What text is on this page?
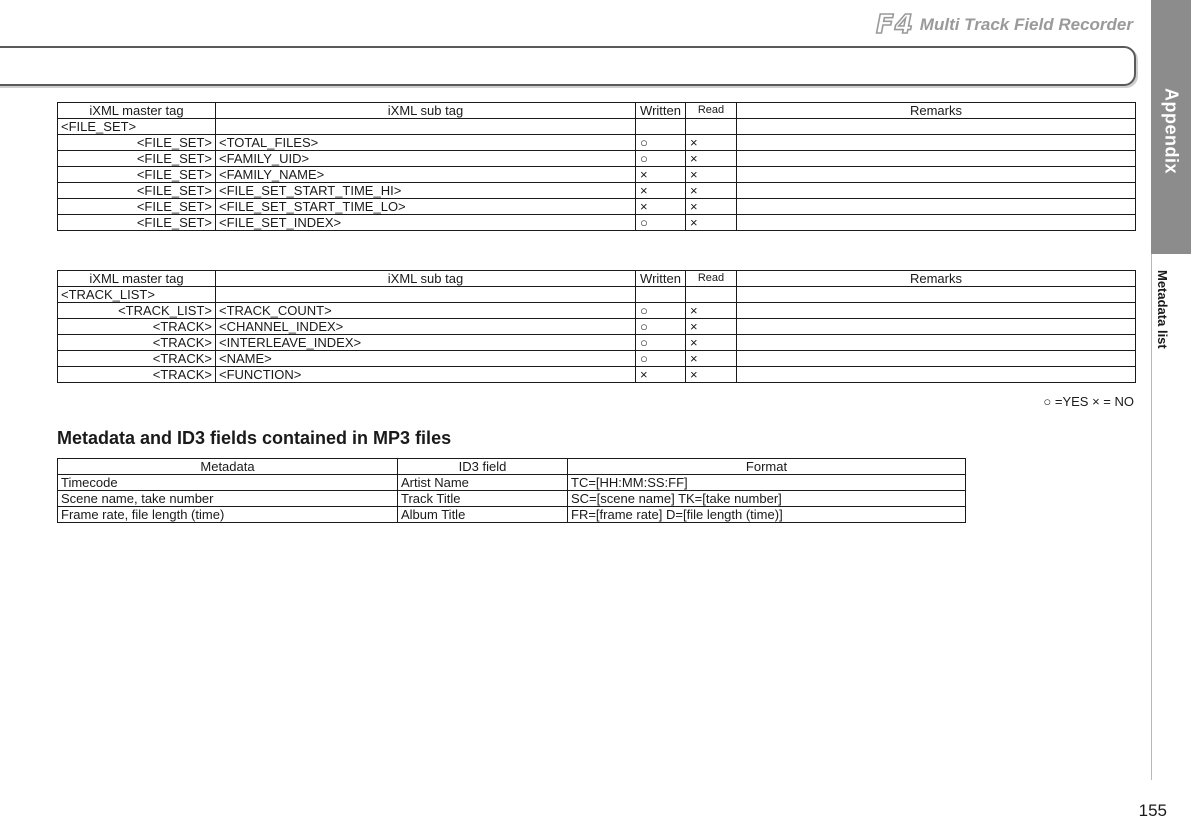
F4 Multi Track Field Recorder
Appendix
Metadata list
iXML master tag	iXML sub tag	Written	Read	Remarks
<FILE_SET>				
<FILE_SET>	<TOTAL_FILES>	○	×	
<FILE_SET>	<FAMILY_UID>	○	×	
<FILE_SET>	<FAMILY_NAME>	×	×	
<FILE_SET>	<FILE_SET_START_TIME_HI>	×	×	
<FILE_SET>	<FILE_SET_START_TIME_LO>	×	×	
<FILE_SET>	<FILE_SET_INDEX>	○	×	
iXML master tag	iXML sub tag	Written	Read	Remarks
<TRACK_LIST>				
<TRACK_LIST>	<TRACK_COUNT>	○	×	
<TRACK>	<CHANNEL_INDEX>	○	×	
<TRACK>	<INTERLEAVE_INDEX>	○	×	
<TRACK>	<NAME>	○	×	
<TRACK>	<FUNCTION>	×	×	
○ =YES × = NO
Metadata and ID3 fields contained in MP3 files
Metadata	ID3 field	Format
Timecode	Artist Name	TC=[HH:MM:SS:FF]
Scene name, take number	Track Title	SC=[scene name] TK=[take number]
Frame rate, file length (time)	Album Title	FR=[frame rate] D=[file length (time)]
155
